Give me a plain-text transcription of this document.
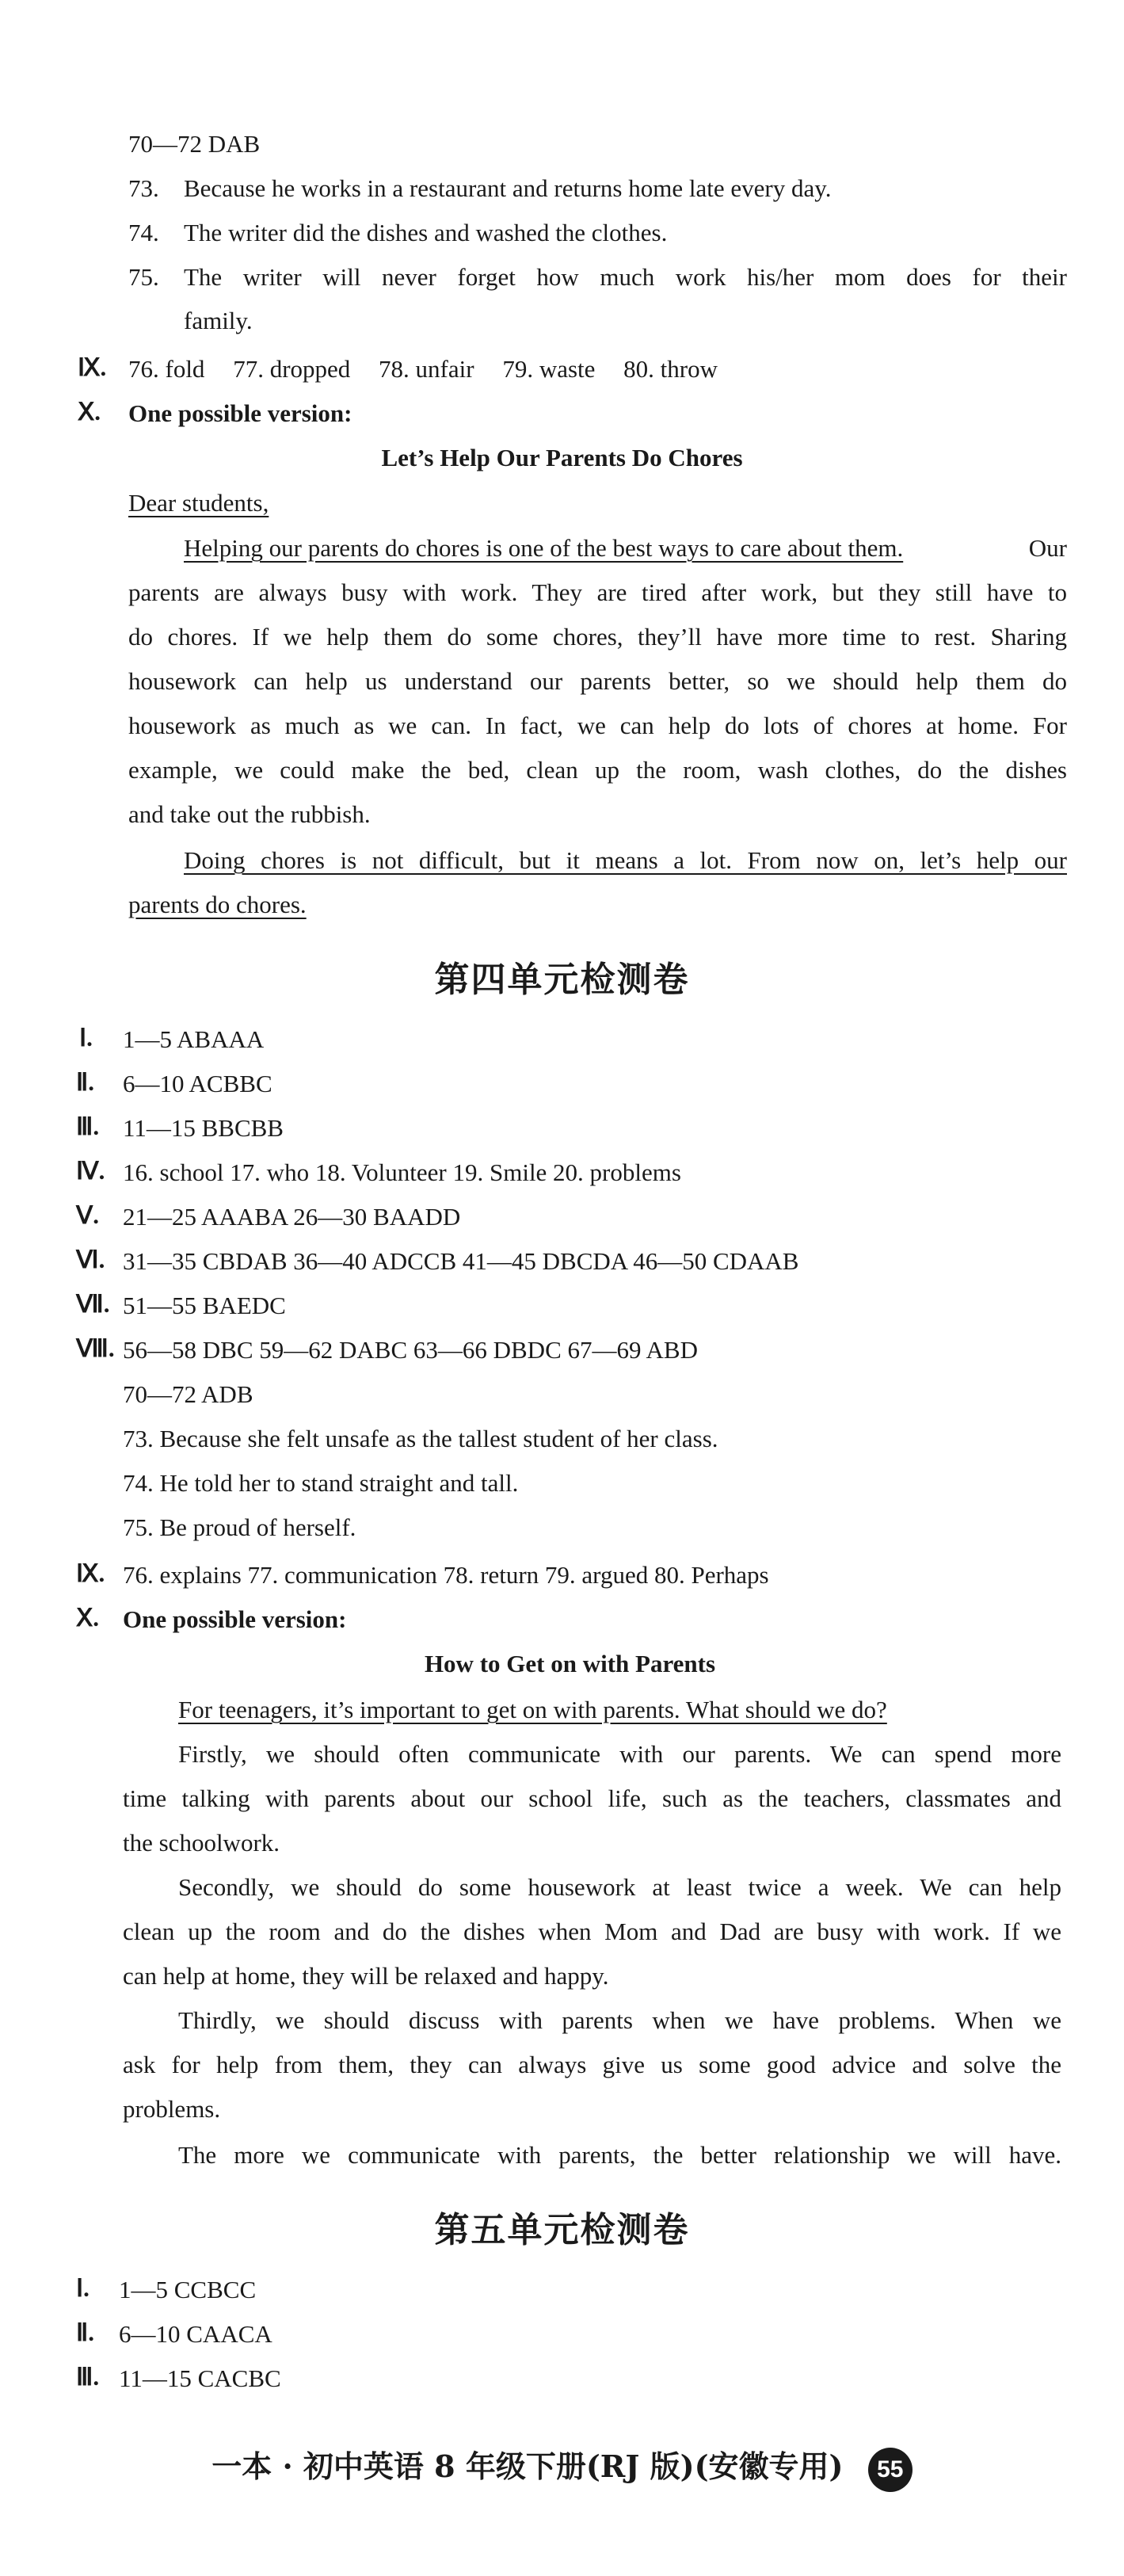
70—72 DAB
73. Because he works in a restaurant and returns home late every day.
74. The writer did the dishes and washed the clothes.
75. The writer will never forget how much work his/her mom does for their
family.
Ⅸ. 76. fold 77. dropped 78. unfair 79. waste 80. throw
Ⅹ. One possible version:
Let’s Help Our Parents Do Chores
Dear students,
Helping our parents do chores is one of the best ways to care about them.	Our
parents are always busy with work. They are tired after work, but they still have to
do chores. If we help them do some chores, they’ll have more time to rest. Sharing
housework can help us understand our parents better, so we should help them do
housework as much as we can. In fact, we can help do lots of chores at home. For
example, we could make the bed, clean up the room, wash clothes, do the dishes
and take out the rubbish.
Doing chores is not difficult, but it means a lot. From now on, let’s help our
parents do chores.
第四单元检测卷
Ⅰ. 1—5 ABAAA
Ⅱ. 6—10 ACBBC
Ⅲ. 11—15 BBCBB
Ⅳ. 16. school 17. who 18. Volunteer 19. Smile 20. problems
Ⅴ. 21—25 AAABA 26—30 BAADD
Ⅵ. 31—35 CBDAB 36—40 ADCCB 41—45 DBCDA 46—50 CDAAB
Ⅶ. 51—55 BAEDC
Ⅷ. 56—58 DBC 59—62 DABC 63—66 DBDC 67—69 ABD
70—72 ADB
73. Because she felt unsafe as the tallest student of her class.
74. He told her to stand straight and tall.
75. Be proud of herself.
Ⅸ. 76. explains 77. communication 78. return 79. argued 80. Perhaps
Ⅹ. One possible version:
How to Get on with Parents
For teenagers, it’s important to get on with parents. What should we do?
Firstly, we should often communicate with our parents. We can spend more
time talking with parents about our school life, such as the teachers, classmates and
the schoolwork.
Secondly, we should do some housework at least twice a week. We can help
clean up the room and do the dishes when Mom and Dad are busy with work. If we
can help at home, they will be relaxed and happy.
Thirdly, we should discuss with parents when we have problems. When we
ask for help from them, they can always give us some good advice and solve the
problems.
The more we communicate with parents, the better relationship we will have.
第五单元检测卷
Ⅰ. 1—5 CCBCC
Ⅱ. 6—10 CAACA
Ⅲ. 11—15 CACBC
一本 · 初中英语 8 年级下册(RJ 版)(安徽专用) 55
